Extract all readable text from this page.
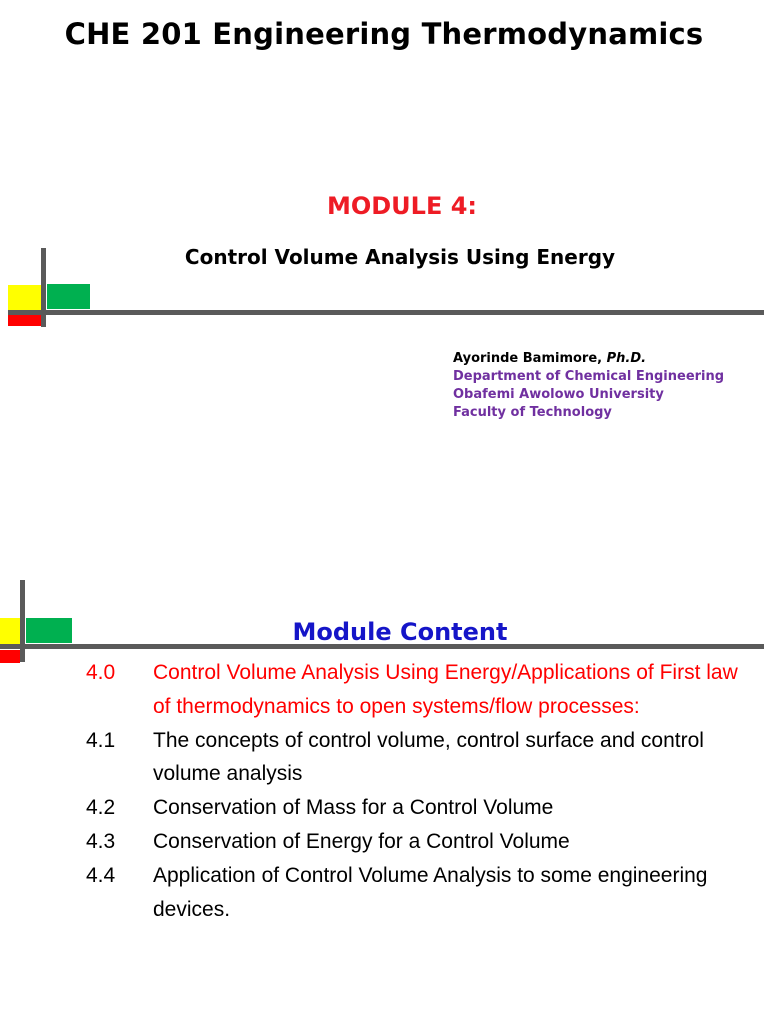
CHE 201 Engineering Thermodynamics
MODULE 4:
Control Volume Analysis Using Energy
Ayorinde Bamimore, Ph.D.
Department of Chemical Engineering
Obafemi Awolowo University
Faculty of Technology
Module Content
4.0	Control Volume Analysis Using Energy/Applications of First law of thermodynamics to open systems/flow processes:
4.1	The concepts of control volume, control surface and control volume analysis
4.2	Conservation of Mass for a Control Volume
4.3	Conservation of Energy for a Control Volume
4.4	Application of Control Volume Analysis to some engineering devices.
